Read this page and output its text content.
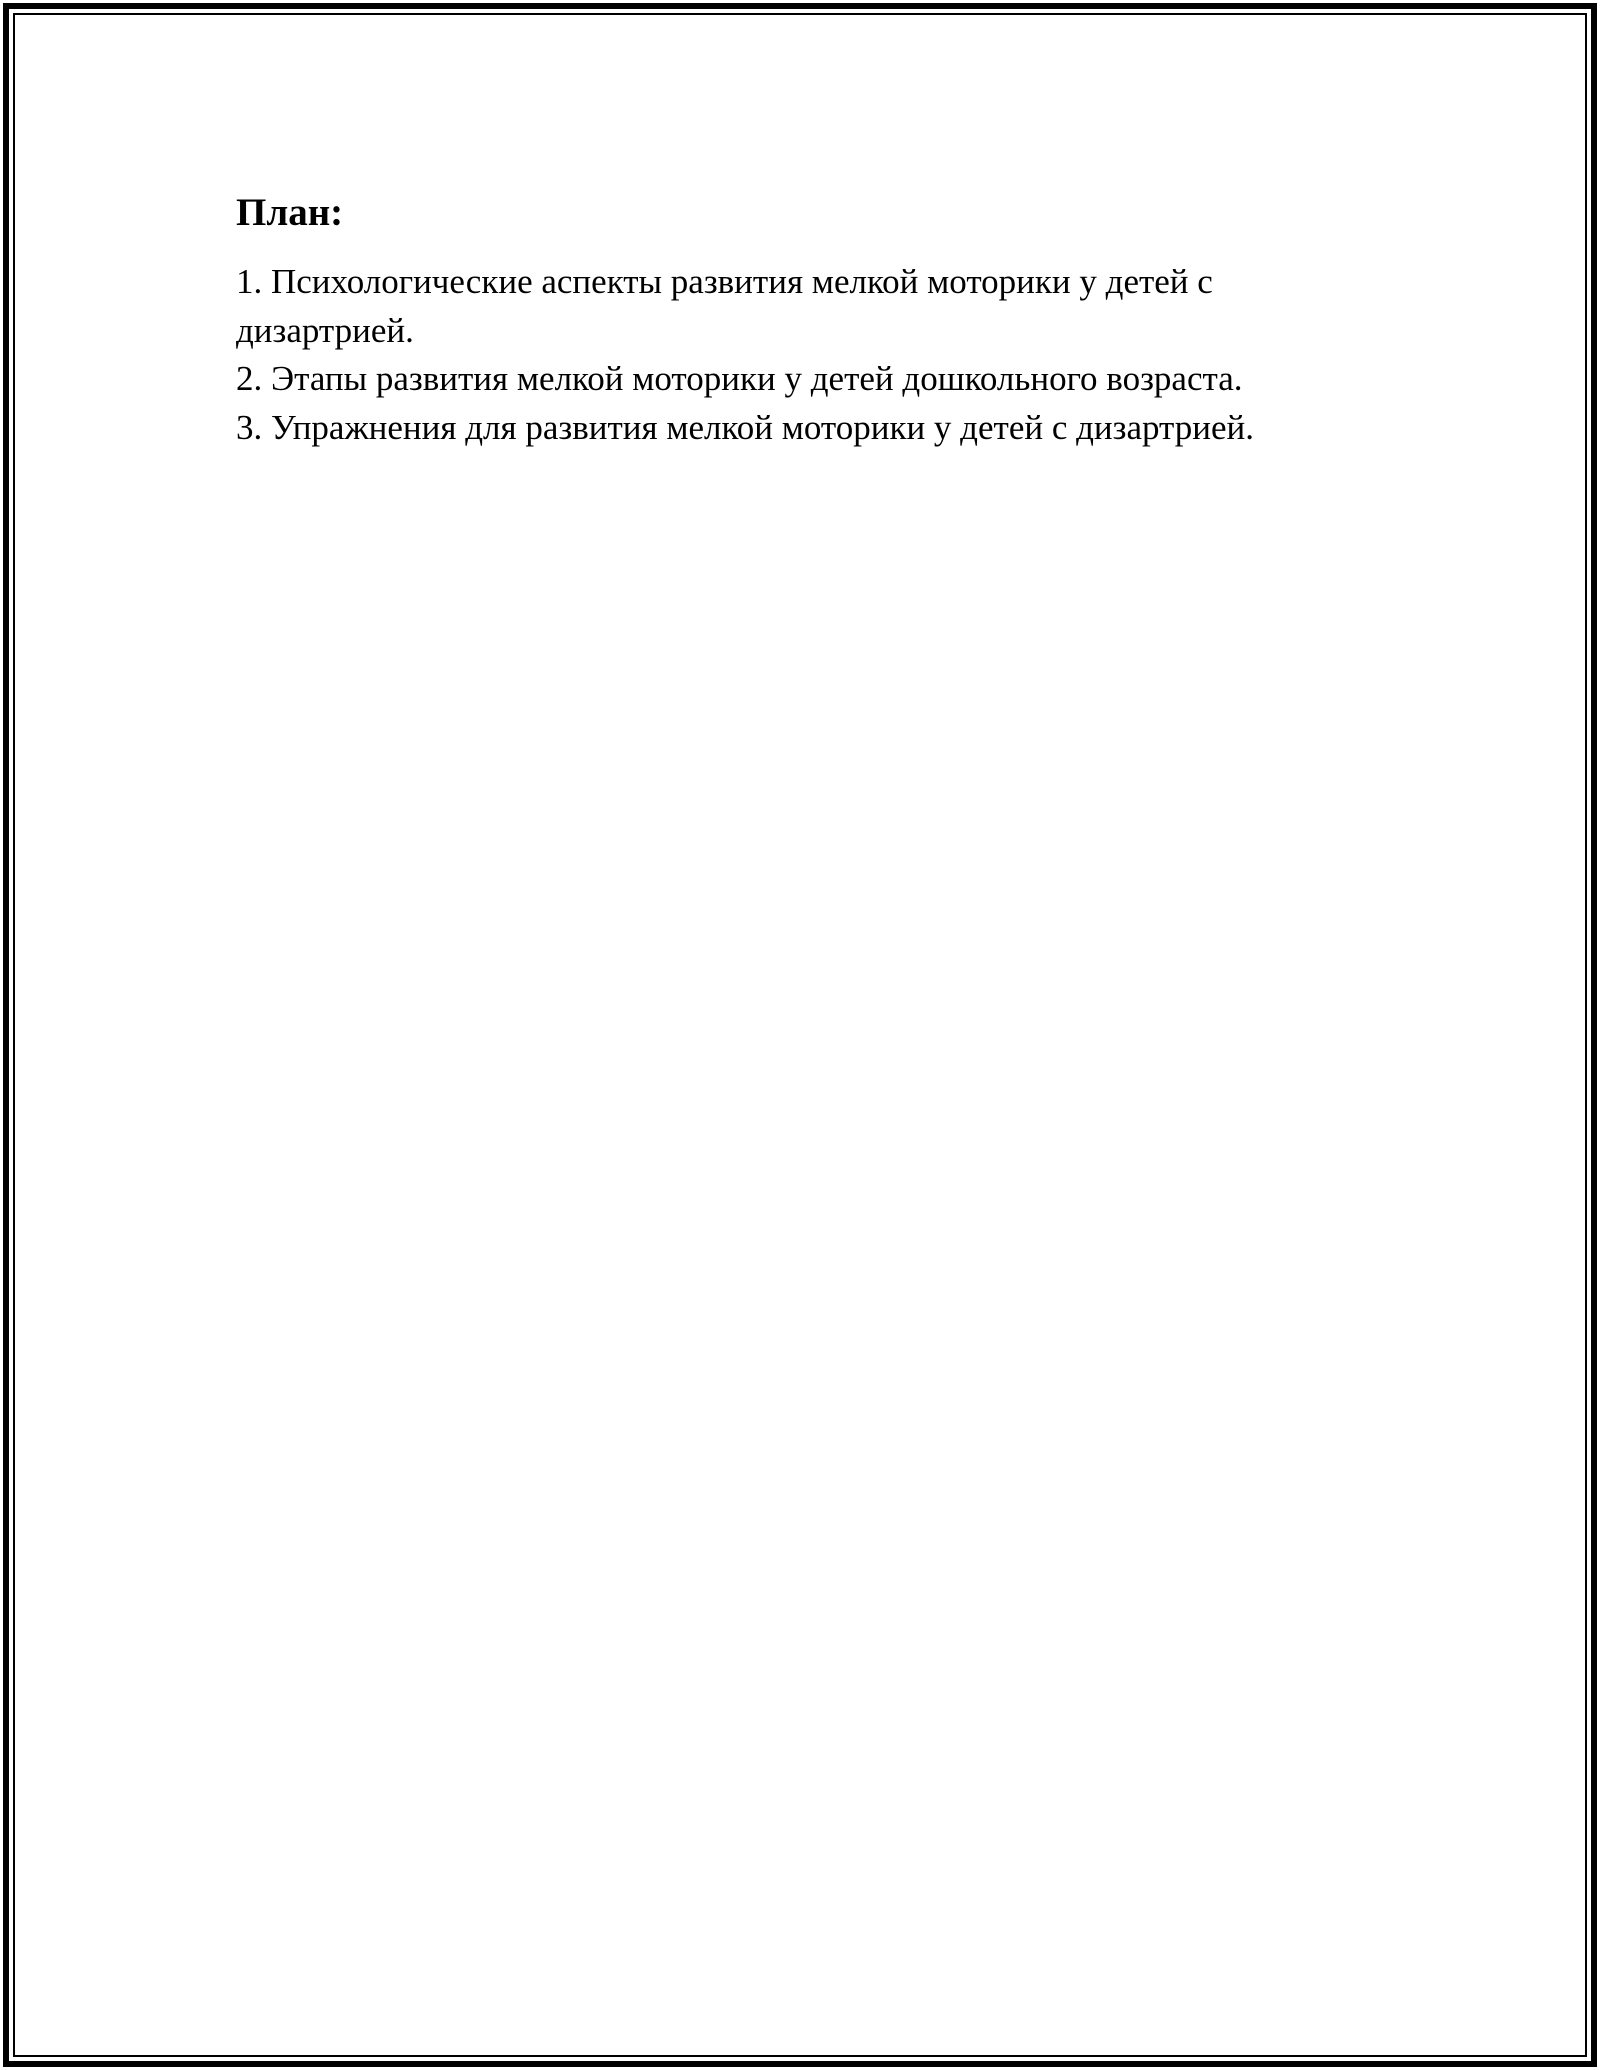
План:
1. Психологические аспекты развития мелкой моторики у детей с дизартрией.
2. Этапы развития мелкой моторики у детей дошкольного возраста.
3. Упражнения для развития мелкой моторики у детей с дизартрией.
